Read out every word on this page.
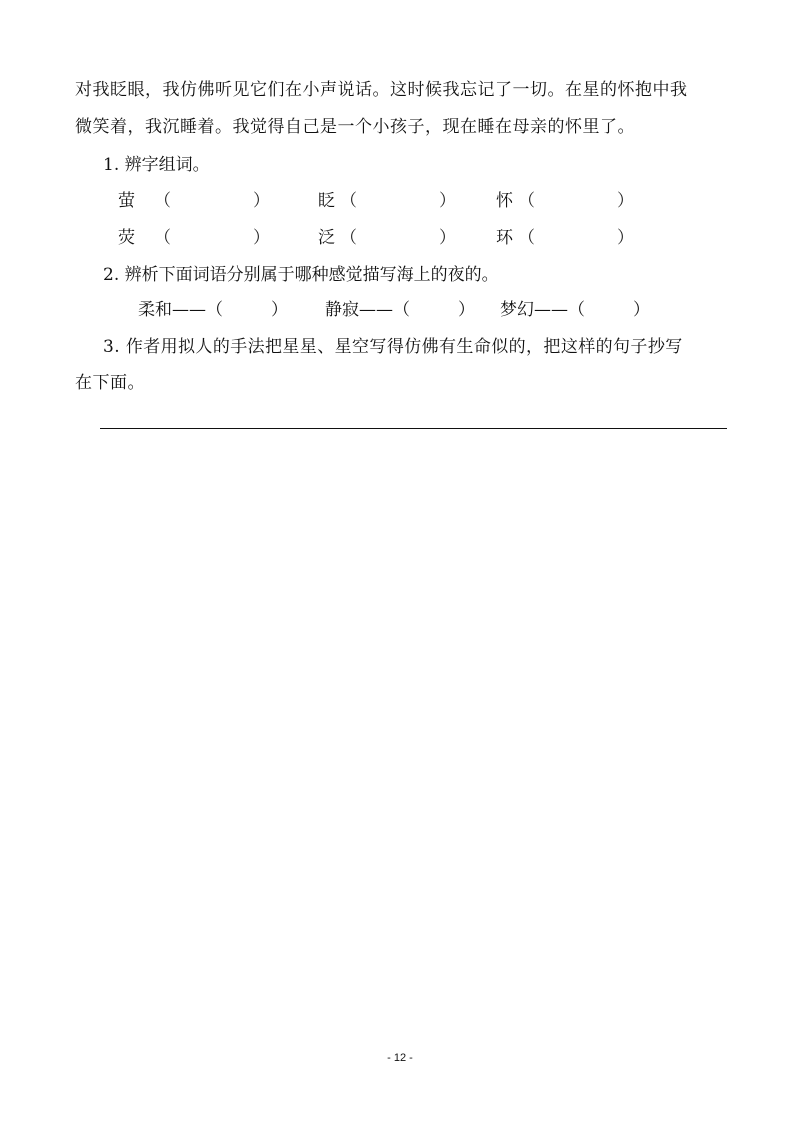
对我眨眼，我仿佛听见它们在小声说话。这时候我忘记了一切。在星的怀抱中我
微笑着，我沉睡着。我觉得自己是一个小孩子，现在睡在母亲的怀里了。
1. 辨字组词。
萤 （	）	眨 （	） 怀 （	）
荧 （	）	泛 （	） 环 （	）
2. 辨析下面词语分别属于哪种感觉描写海上的夜的。
柔和——（	） 静寂——（	） 梦幻——（	）
3. 作者用拟人的手法把星星、星空写得仿佛有生命似的，把这样的句子抄写
在下面。
- 12 -
